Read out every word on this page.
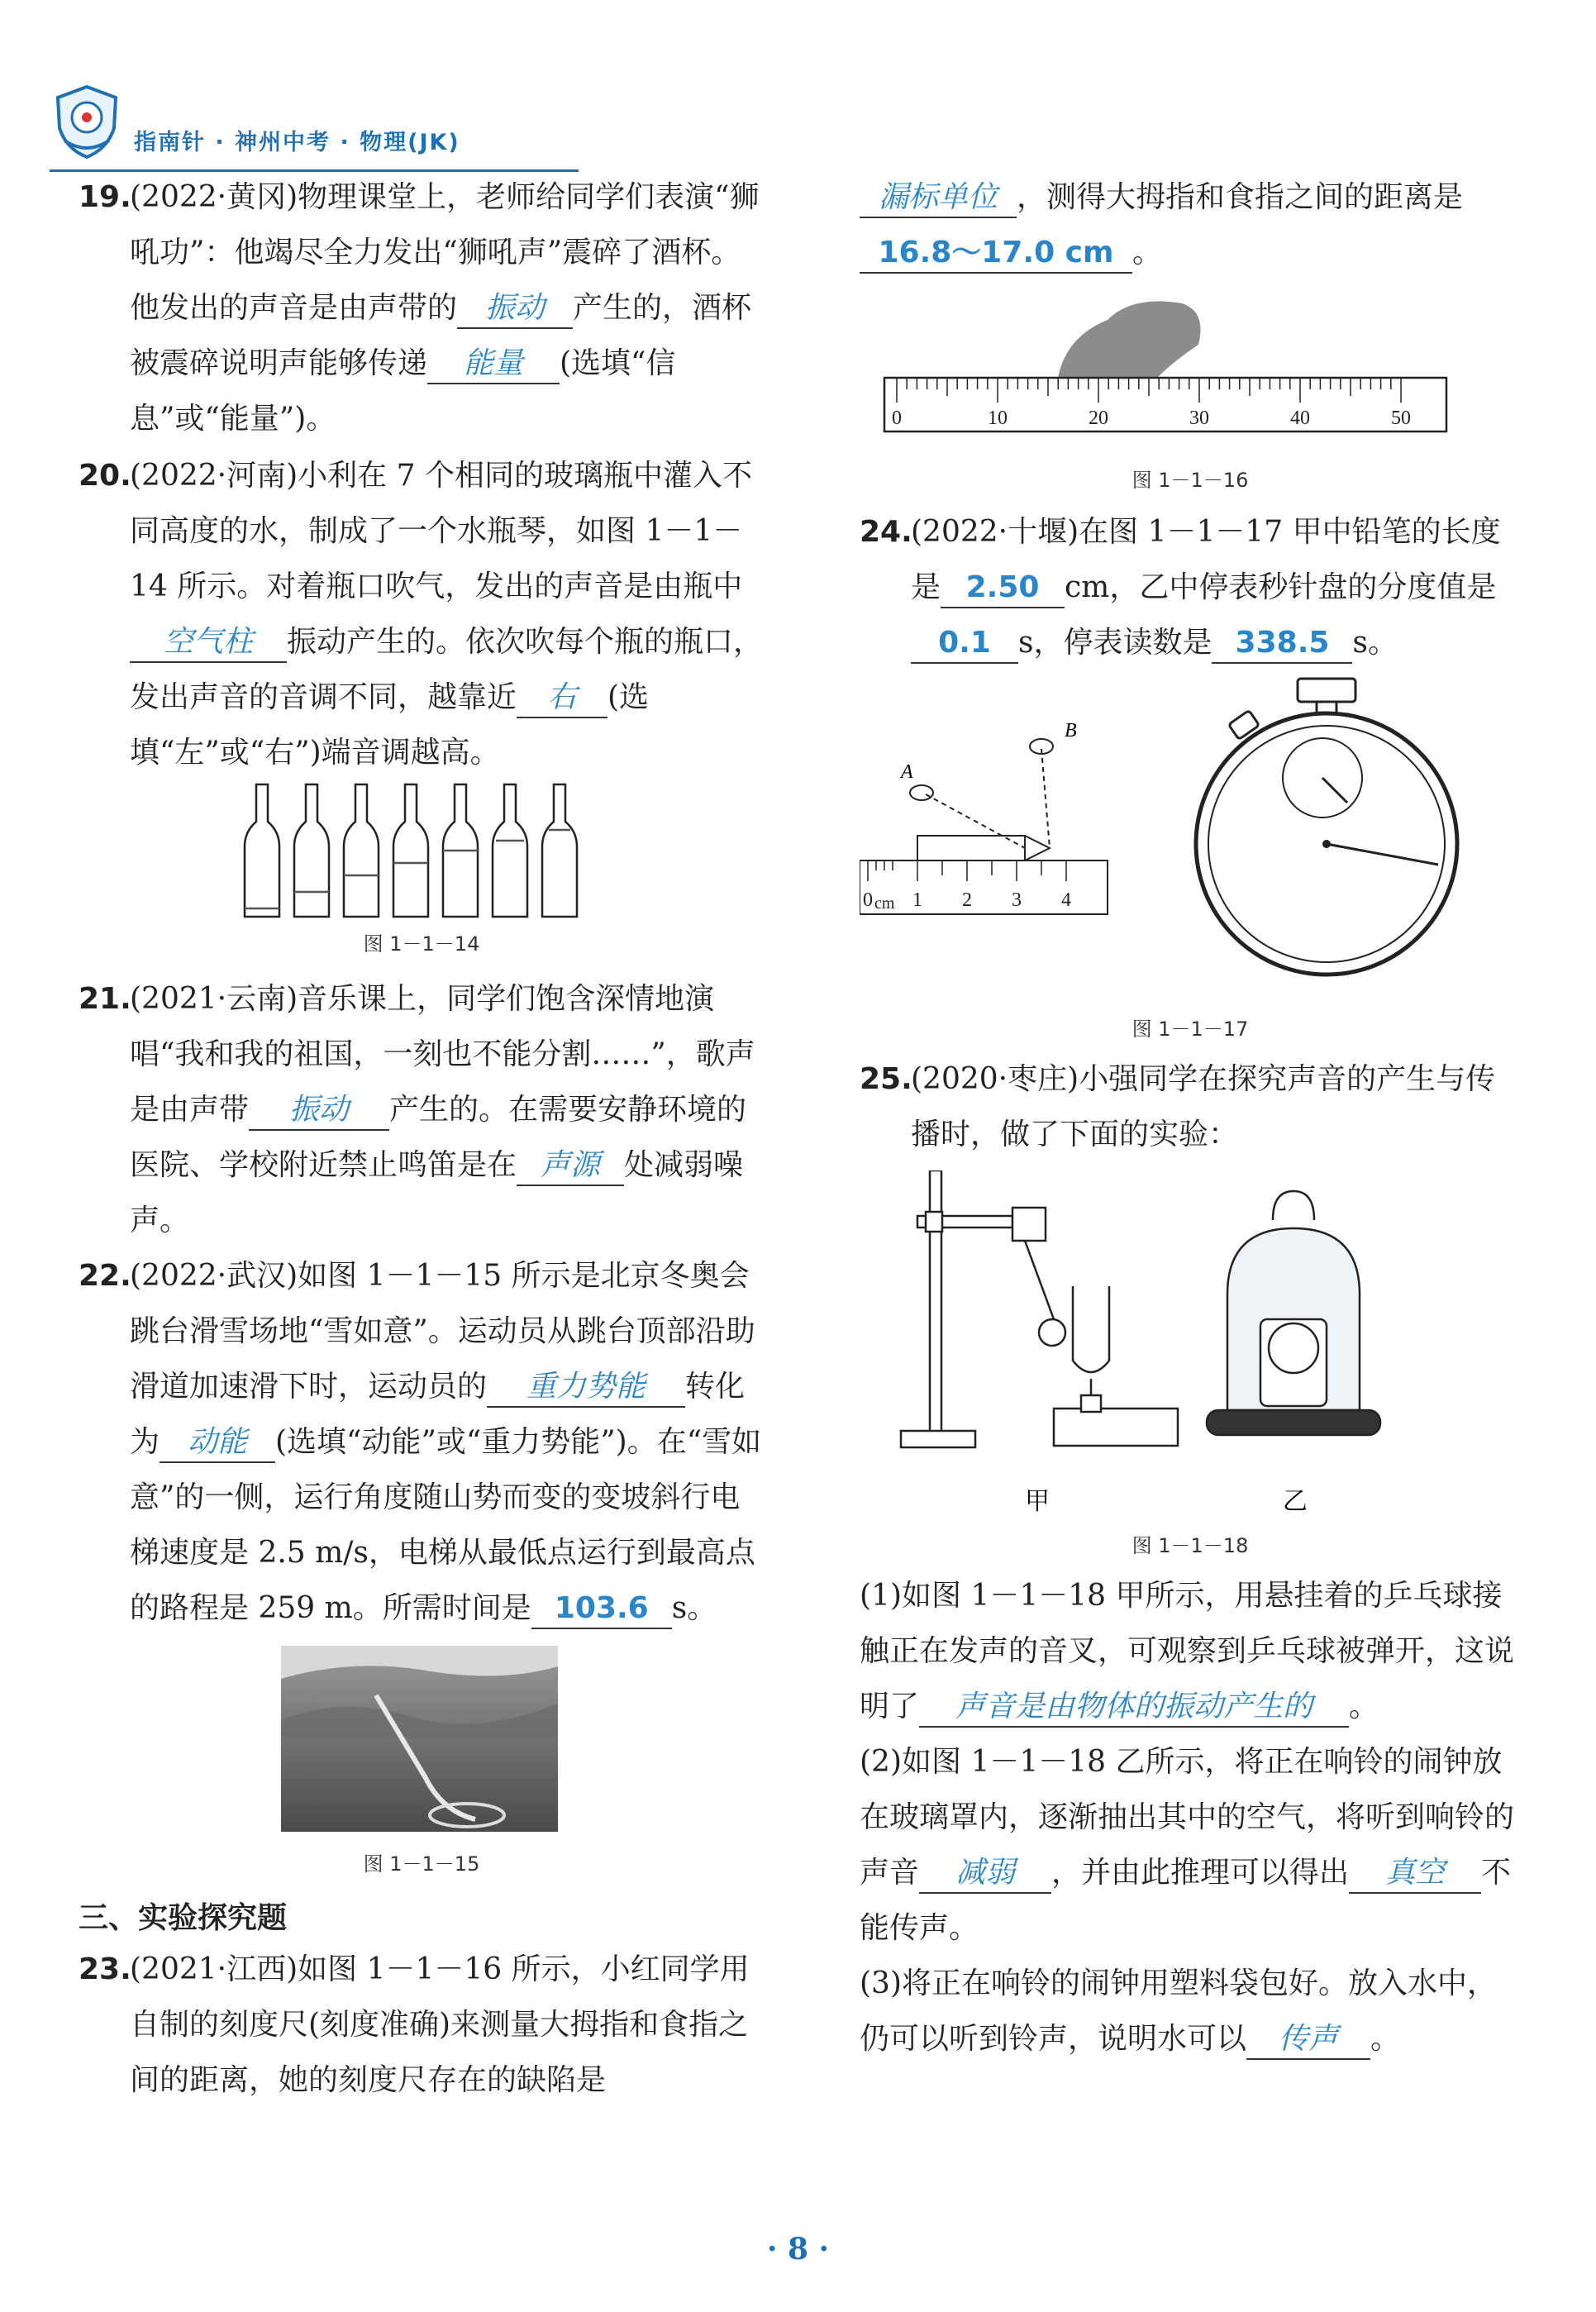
指南针 · 神州中考 · 物理(JK)

19.
(2022·黄冈)物理课堂上，老师给同学们表演“狮吼功”：他竭尽全力发出“狮吼声”震碎了酒杯。他发出的声音是由声带的 振动 产生的，酒杯被震碎说明声能够传递 能量 (选填“信息”或“能量”)。

20.
(2022·河南)小利在 7 个相同的玻璃瓶中灌入不同高度的水，制成了一个水瓶琴，如图 1－1－14 所示。对着瓶口吹气，发出的声音是由瓶中空气柱 振动产生的。依次吹每个瓶的瓶口，发出声音的音调不同，越靠近 右 (选填“左”或“右”)端音调越高。

图 1－1－14

21.
(2021·云南)音乐课上，同学们饱含深情地演唱“我和我的祖国，一刻也不能分割……”，歌声是由声带 振动 产生的。在需要安静环境的医院、学校附近禁止鸣笛是在 声源 处减弱噪声。

22.
(2022·武汉)如图 1－1－15 所示是北京冬奥会跳台滑雪场地“雪如意”。运动员从跳台顶部沿助滑道加速滑下时，运动员的 重力势能 转化为 动能 (选填“动能”或“重力势能”)。在“雪如意”的一侧，运行角度随山势而变的变坡斜行电梯速度是 2.5 m/s，电梯从最低点运行到最高点的路程是 259 m。所需时间是 103.6 s。

图 1－1－15
三、实验探究题

23.
(2021·江西)如图 1－1－16 所示，小红同学用自制的刻度尺(刻度准确)来测量大拇指和食指之间的距离，她的刻度尺存在的缺陷是

漏标单位 ，测得大拇指和食指之间的距离是16.8～17.0 cm 。

0	10	20	30	40	50
图 1－1－16

24.
(2022·十堰)在图 1－1－17 甲中铅笔的长度是 2.50 cm，乙中停表秒针盘的分度值是0.1 s，停表读数是 338.5 s。

A
B
0 cm 1 2 3 4
图 1－1－17

25.
(2020·枣庄)小强同学在探究声音的产生与传播时，做了下面的实验：

甲	乙
图 1－1－18

(1)如图 1－1－18 甲所示，用悬挂着的乒乓球接触正在发声的音叉，可观察到乒乓球被弹开，这说明了 声音是由物体的振动产生的 。

(2)如图 1－1－18 乙所示，将正在响铃的闹钟放在玻璃罩内，逐渐抽出其中的空气，将听到响铃的声音 减弱 ，并由此推理可以得出 真空 不能传声。

(3)将正在响铃的闹钟用塑料袋包好。放入水中，仍可以听到铃声，说明水可以 传声 。

· 8 ·
